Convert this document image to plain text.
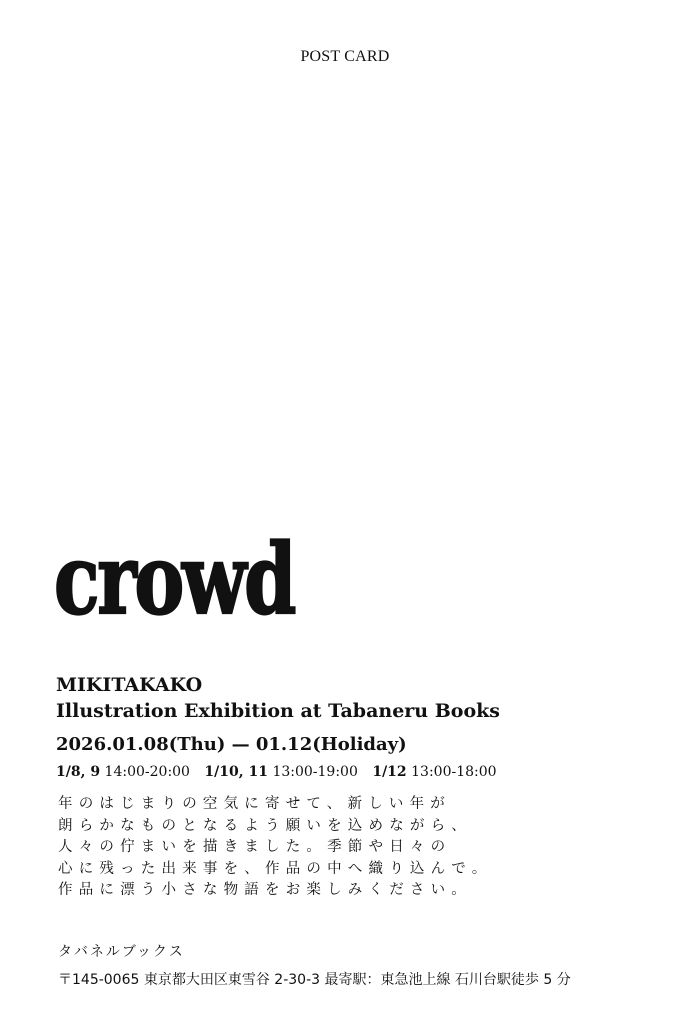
POST CARD
crowd
MIKITAKAKO
Illustration Exhibition at Tabaneru Books
2026.01.08(Thu) — 01.12(Holiday)
1/8, 9 14:00-20:00 1/10, 11 13:00-19:00 1/12 13:00-18:00
年のはじまりの空気に寄せて、新しい年が
朗らかなものとなるよう願いを込めながら、
人々の佇まいを描きました。季節や日々の
心に残った出来事を、作品の中へ織り込んで。
作品に漂う小さな物語をお楽しみください。
タバネルブックス
〒145-0065 東京都大田区東雪谷 2-30-3 最寄駅：東急池上線 石川台駅徒歩 5 分
